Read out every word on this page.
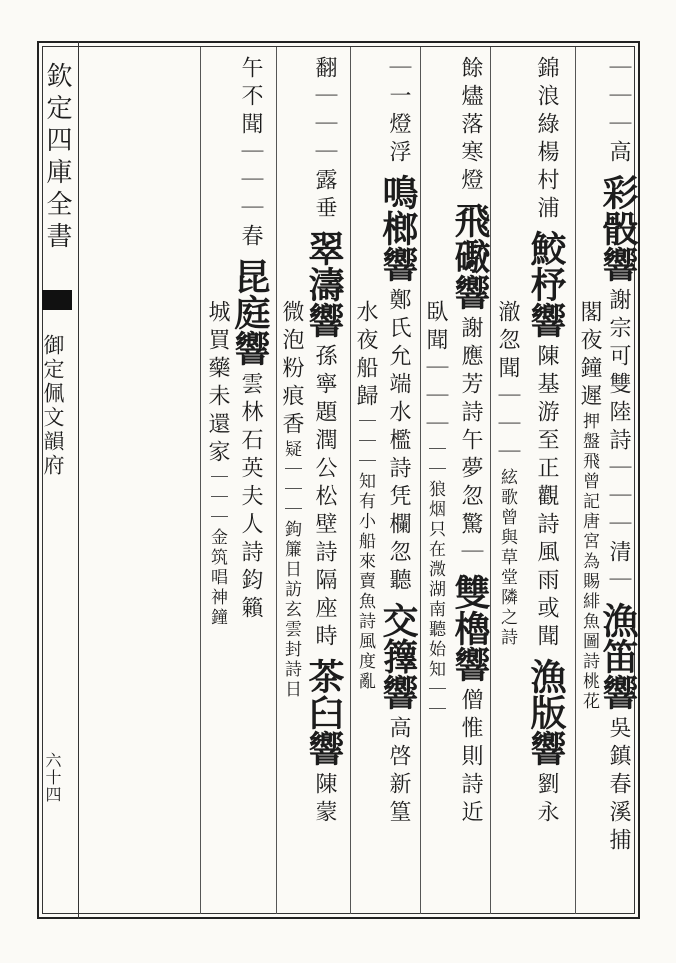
欽定四庫全書
御定佩文韻府
六十四
｜｜｜高彩骰響謝宗可雙陸詩｜｜｜清｜漁笛響吳鎮春溪捕
閣夜鐘遲押盤飛曾記唐宮為賜緋魚圖詩桃花
錦浪綠楊村浦鮫杼響陳基游至正觀詩風雨或聞漁版響劉永
澈忽聞｜｜｜絃歌曾與草堂隣之詩
餘燼落寒燈飛礮響謝應芳詩午夢忽驚｜雙櫓響僧惟則詩近
臥聞｜｜｜｜｜狼烟只在溦湖南聽始知｜｜
｜一燈浮鳴榔響鄭氏允端水檻詩凭欄忽聽交籜響高啓新篁
水夜船歸｜｜｜知有小船來賣魚詩風度亂
翻｜｜｜露垂翠濤響孫寧題潤公松壁詩隔座時茶臼響陳蒙
微泡粉痕香疑｜｜｜鉤簾日訪玄雲封詩日
午不聞｜｜｜春昆庭響雲林石英夫人詩鈞籟
城買藥未還家｜｜｜金筑唱神鐘
